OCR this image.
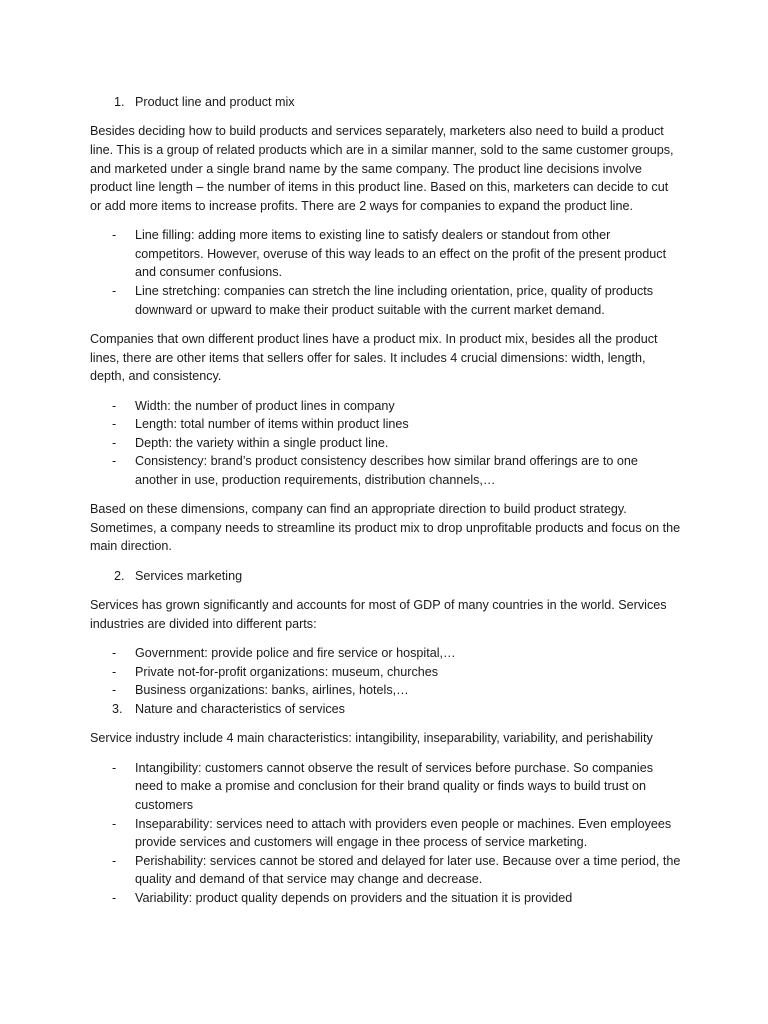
1. Product line and product mix

Besides deciding how to build products and services separately, marketers also need to build a product line. This is a group of related products which are in a similar manner, sold to the same customer groups, and marketed under a single brand name by the same company. The product line decisions involve product line length – the number of items in this product line. Based on this, marketers can decide to cut or add more items to increase profits. There are 2 ways for companies to expand the product line.

- Line filling: adding more items to existing line to satisfy dealers or standout from other competitors. However, overuse of this way leads to an effect on the profit of the present product and consumer confusions.
- Line stretching: companies can stretch the line including orientation, price, quality of products downward or upward to make their product suitable with the current market demand.

Companies that own different product lines have a product mix. In product mix, besides all the product lines, there are other items that sellers offer for sales. It includes 4 crucial dimensions: width, length, depth, and consistency.

- Width: the number of product lines in company
- Length: total number of items within product lines
- Depth: the variety within a single product line.
- Consistency: brand’s product consistency describes how similar brand offerings are to one another in use, production requirements, distribution channels,…

Based on these dimensions, company can find an appropriate direction to build product strategy. Sometimes, a company needs to streamline its product mix to drop unprofitable products and focus on the main direction.

2. Services marketing

Services has grown significantly and accounts for most of GDP of many countries in the world. Services industries are divided into different parts:

- Government: provide police and fire service or hospital,…
- Private not-for-profit organizations: museum, churches
- Business organizations: banks, airlines, hotels,…
3. Nature and characteristics of services

Service industry include 4 main characteristics: intangibility, inseparability, variability, and perishability

- Intangibility: customers cannot observe the result of services before purchase. So companies need to make a promise and conclusion for their brand quality or finds ways to build trust on customers
- Inseparability: services need to attach with providers even people or machines. Even employees provide services and customers will engage in thee process of service marketing.
- Perishability: services cannot be stored and delayed for later use. Because over a time period, the quality and demand of that service may change and decrease.
- Variability: product quality depends on providers and the situation it is provided
